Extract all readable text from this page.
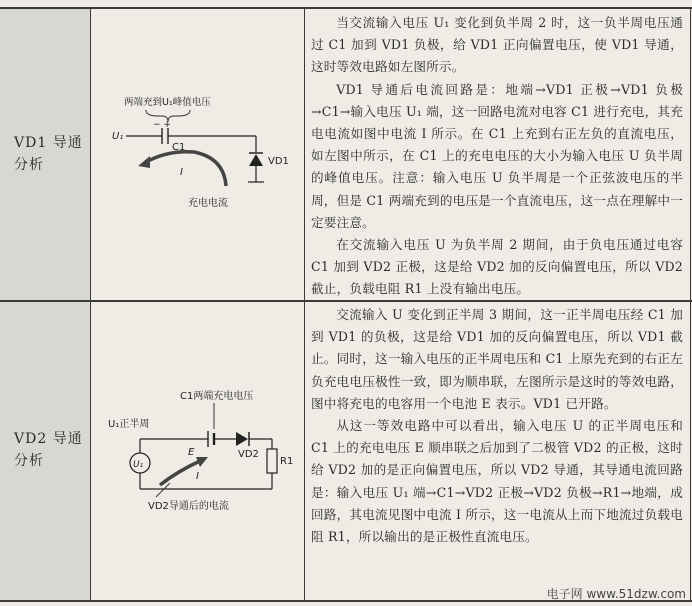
VD1 导通分析
VD2 导通分析
两端充到U₁峰值电压
U₁
− +
C1
VD1
I
充电电流
C1两端充电电压
U₁正半周
U₁
E	VD2
R1
I
VD2导通后的电流

当交流输入电压 U₁ 变化到负半周 2 时，这一负半周电压通过 C1 加到 VD1 负极，给 VD1 正向偏置电压，使 VD1 导通，这时等效电路如左图所示。

VD1 导通后电流回路是：地端→VD1 正极→VD1 负极→C1→输入电压 U₁ 端，这一回路电流对电容 C1 进行充电，其充电电流如图中电流 I 所示。在 C1 上充到右正左负的直流电压，如左图中所示，在 C1 上的充电电压的大小为输入电压 U 负半周的峰值电压。注意：输入电压 U 负半周是一个正弦波电压的半周，但是 C1 两端充到的电压是一个直流电压，这一点在理解中一定要注意。

在交流输入电压 U 为负半周 2 期间，由于负电压通过电容 C1 加到 VD2 正极，这是给 VD2 加的反向偏置电压，所以 VD2 截止，负载电阻 R1 上没有输出电压。

交流输入 U 变化到正半周 3 期间，这一正半周电压经 C1 加到 VD1 的负极，这是给 VD1 加的反向偏置电压，所以 VD1 截止。同时，这一输入电压的正半周电压和 C1 上原先充到的右正左负充电电压极性一致，即为顺串联，左图所示是这时的等效电路，图中将充电的电容用一个电池 E 表示。VD1 已开路。

从这一等效电路中可以看出，输入电压 U 的正半周电压和 C1 上的充电电压 E 顺串联之后加到了二极管 VD2 的正极，这时给 VD2 加的是正向偏置电压，所以 VD2 导通，其导通电流回路是：输入电压 U₁ 端→C1→VD2 正极→VD2 负极→R1→地端，成回路，其电流见图中电流 I 所示，这一电流从上而下地流过负载电阻 R1，所以输出的是正极性直流电压。

电子网 www.51dzw.com
